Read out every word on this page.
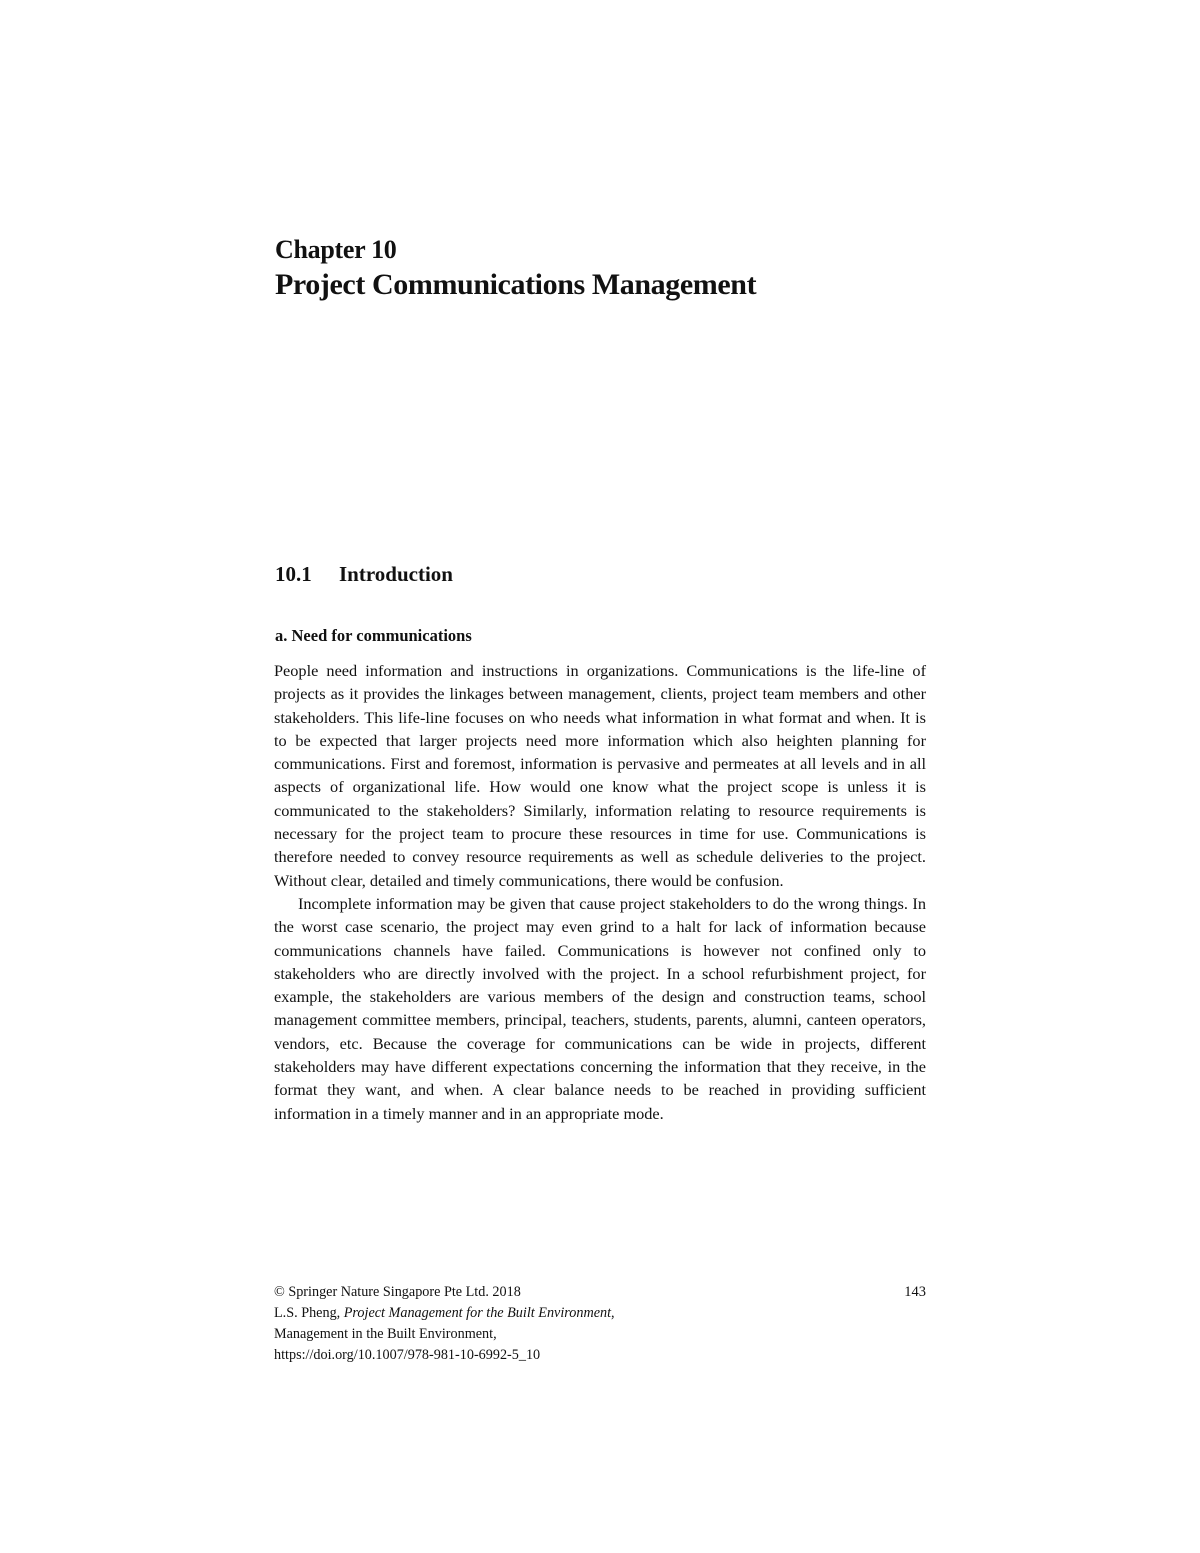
Chapter 10
Project Communications Management
10.1 Introduction
a. Need for communications

People need information and instructions in organizations. Communications is the life-line of projects as it provides the linkages between management, clients, project team members and other stakeholders. This life-line focuses on who needs what information in what format and when. It is to be expected that larger projects need more information which also heighten planning for communications. First and foremost, information is pervasive and permeates at all levels and in all aspects of organizational life. How would one know what the project scope is unless it is communicated to the stakeholders? Similarly, information relating to resource requirements is necessary for the project team to procure these resources in time for use. Communications is therefore needed to convey resource requirements as well as schedule deliveries to the project. Without clear, detailed and timely communications, there would be confusion.

Incomplete information may be given that cause project stakeholders to do the wrong things. In the worst case scenario, the project may even grind to a halt for lack of information because communications channels have failed. Communications is however not confined only to stakeholders who are directly involved with the project. In a school refurbishment project, for example, the stakeholders are various members of the design and construction teams, school management committee members, principal, teachers, students, parents, alumni, canteen operators, vendors, etc. Because the coverage for communications can be wide in projects, different stakeholders may have different expectations concerning the information that they receive, in the format they want, and when. A clear balance needs to be reached in providing sufficient information in a timely manner and in an appropriate mode.

© Springer Nature Singapore Pte Ltd. 2018
L.S. Pheng, Project Management for the Built Environment,
Management in the Built Environment,
https://doi.org/10.1007/978-981-10-6992-5_10
143
